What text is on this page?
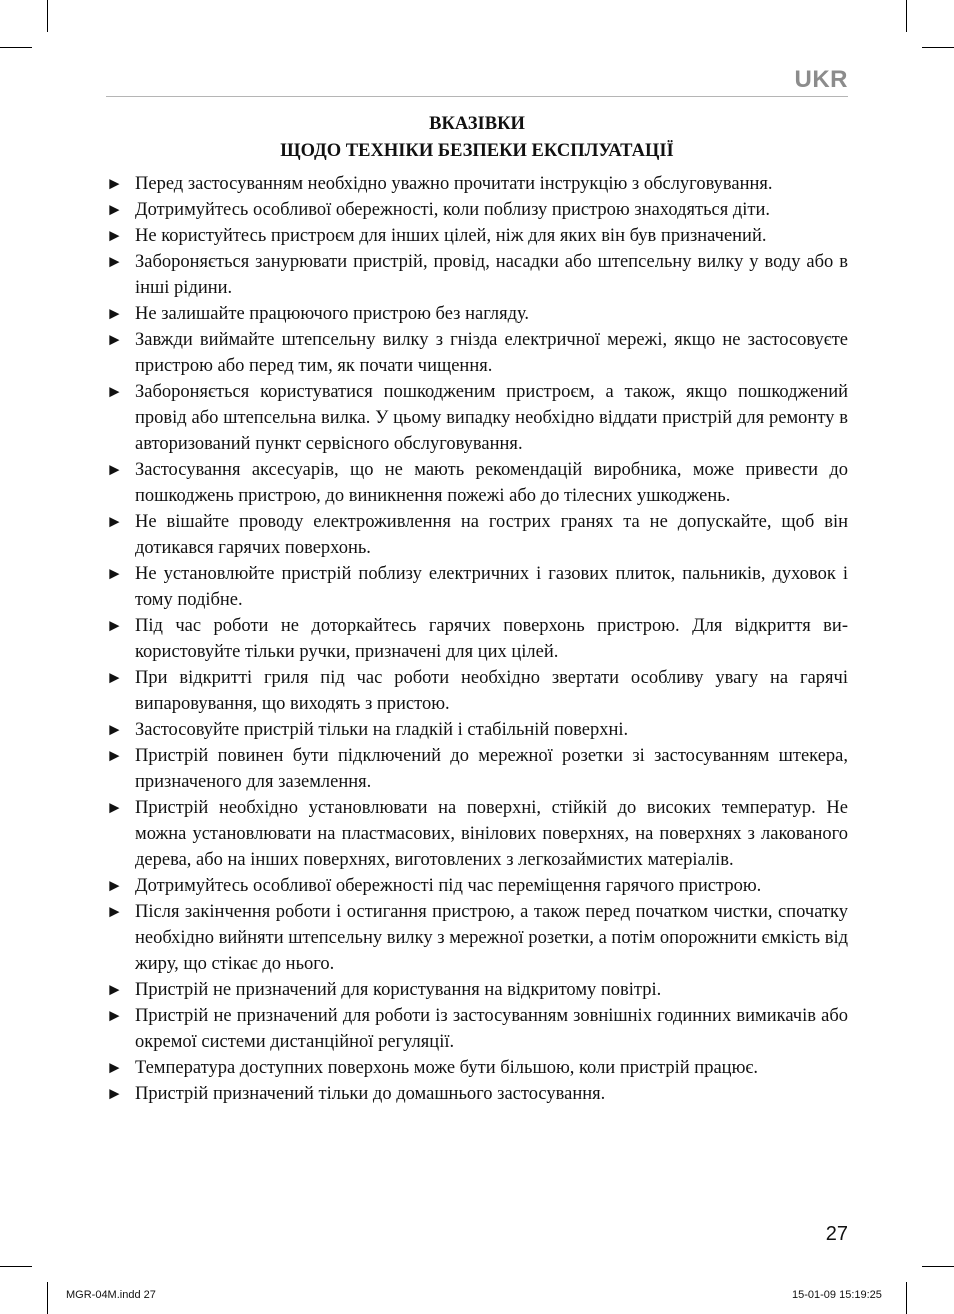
UKR
ВКАЗІВКИ
ЩОДО ТЕХНІКИ БЕЗПЕКИ ЕКСПЛУАТАЦІЇ
► Перед застосуванням необхідно уважно прочитати інструкцію з обслуговування.
► Дотримуйтесь особливої обережності, коли поблизу пристрою знаходяться діти.
► Не користуйтесь пристроєм для інших цілей, ніж для яких він був призначений.
► Забороняється занурювати пристрій, провід, насадки або штепсельну вилку у воду або в інші рідини.
► Не залишайте працюючого пристрою без нагляду.
► Завжди виймайте штепсельну вилку з гнізда електричної мережі, якщо не застосовуєте пристрою або перед тим, як почати чищення.
► Забороняється користуватися пошкодженим пристроєм, а також, якщо пошкоджений провід або штепсельна вилка. У цьому випадку необхідно віддати пристрій для ремонту в авторизований пункт сервісного обслуговування.
► Застосування аксесуарів, що не мають рекомендацій виробника, може привести до пошкоджень пристрою, до виникнення пожежі або до тілесних ушкоджень.
► Не вішайте проводу електроживлення на гострих гранях та не допускайте, щоб він дотикався гарячих поверхонь.
► Не установлюйте пристрій поблизу електричних і газових плиток, пальників, духовок і тому подібне.
► Під час роботи не доторкайтесь гарячих поверхонь пристрою. Для відкриття використовуйте тільки ручки, призначені для цих цілей.
► При відкритті гриля під час роботи необхідно звертати особливу увагу на гарячі випаровування, що виходять з пристою.
► Застосовуйте пристрій тільки на гладкій і стабільній поверхні.
► Пристрій повинен бути підключений до мережної розетки зі застосуванням штекера, призначеного для заземлення.
► Пристрій необхідно установлювати на поверхні, стійкій до високих температур. Не можна установлювати на пластмасових, вінілових поверхнях, на поверхнях з лакованого дерева, або на інших поверхнях, виготовлених з легкозаймистих матеріалів.
► Дотримуйтесь особливої обережності під час переміщення гарячого пристрою.
► Після закінчення роботи і остигання пристрою, а також перед початком чистки, спочатку необхідно вийняти штепсельну вилку з мережної розетки, а потім опорожнити ємкість від жиру, що стікає до нього.
► Пристрій не призначений для користування на відкритому повітрі.
► Пристрій не призначений для роботи із застосуванням зовнішніх годинних вимикачів або окремої системи дистанційної регуляції.
► Температура доступних поверхонь може бути більшою, коли пристрій працює.
► Пристрій призначений тільки до домашнього застосування.
27
MGR-04M.indd 27	15-01-09 15:19:25
